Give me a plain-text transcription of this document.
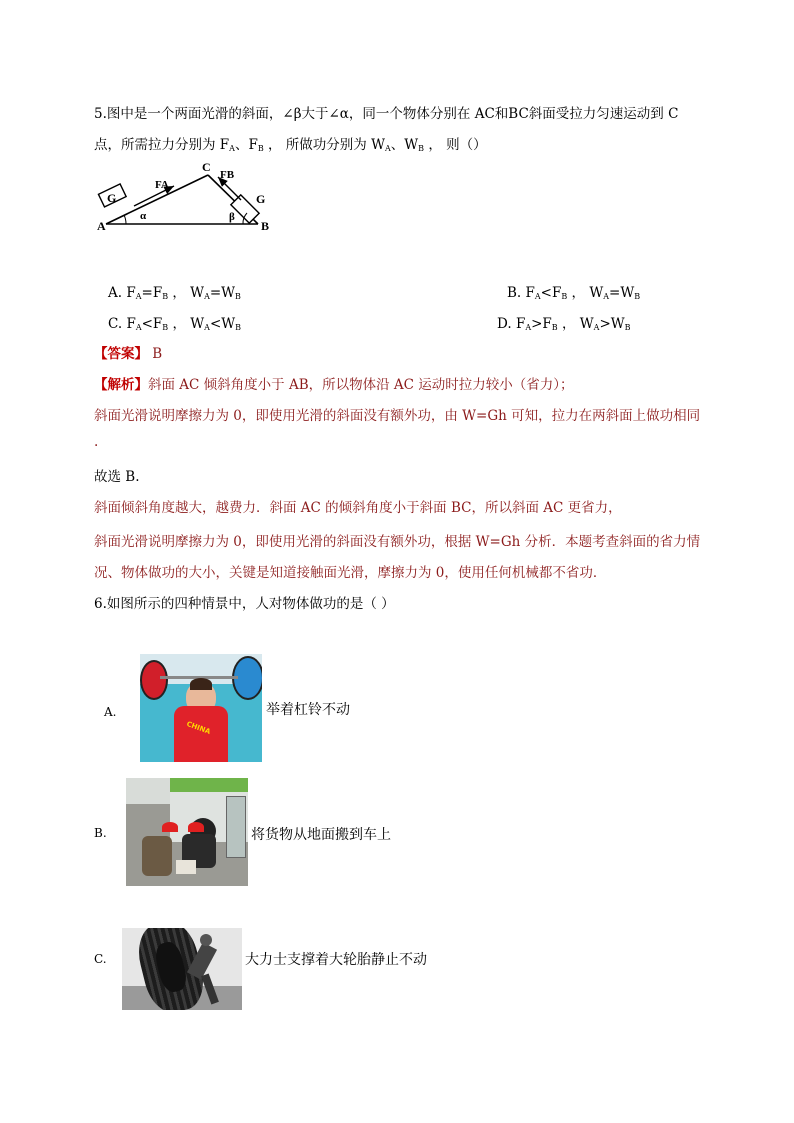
5.图中是一个两面光滑的斜面，∠β大于∠α，同一个物体分别在 AC和BC斜面受拉力匀速运动到 C
点，所需拉力分别为 $F_A$、$F_B$ ， 所做功分别为 $W_A$、$W_B$ ， 则（）
C
A	B
FA
FB
G	G
α	β
A. $F_A=F_B$ ， $W_A=W_B$	B. $F_A<F_B$ ， $W_A=W_B$
C. $F_A<F_B$ ， $W_A<W_B$	D. $F_A>F_B$ ， $W_A>W_B$
【答案】 B
【解析】斜面 AC 倾斜角度小于 AB，所以物体沿 AC 运动时拉力较小（省力）；
斜面光滑说明摩擦力为 0，即使用光滑的斜面没有额外功，由 W=Gh 可知，拉力在两斜面上做功相同
.
故选 B.
斜面倾斜角度越大，越费力．斜面 AC 的倾斜角度小于斜面 BC，所以斜面 AC 更省力，
斜面光滑说明摩擦力为 0，即使用光滑的斜面没有额外功，根据 W=Gh 分析．本题考查斜面的省力情
况、物体做功的大小，关键是知道接触面光滑，摩擦力为 0，使用任何机械都不省功．
6.如图所示的四种情景中，人对物体做功的是（ ）
A.
CHINA
举着杠铃不动
B.	将货物从地面搬到车上
C.	大力士支撑着大轮胎静止不动
